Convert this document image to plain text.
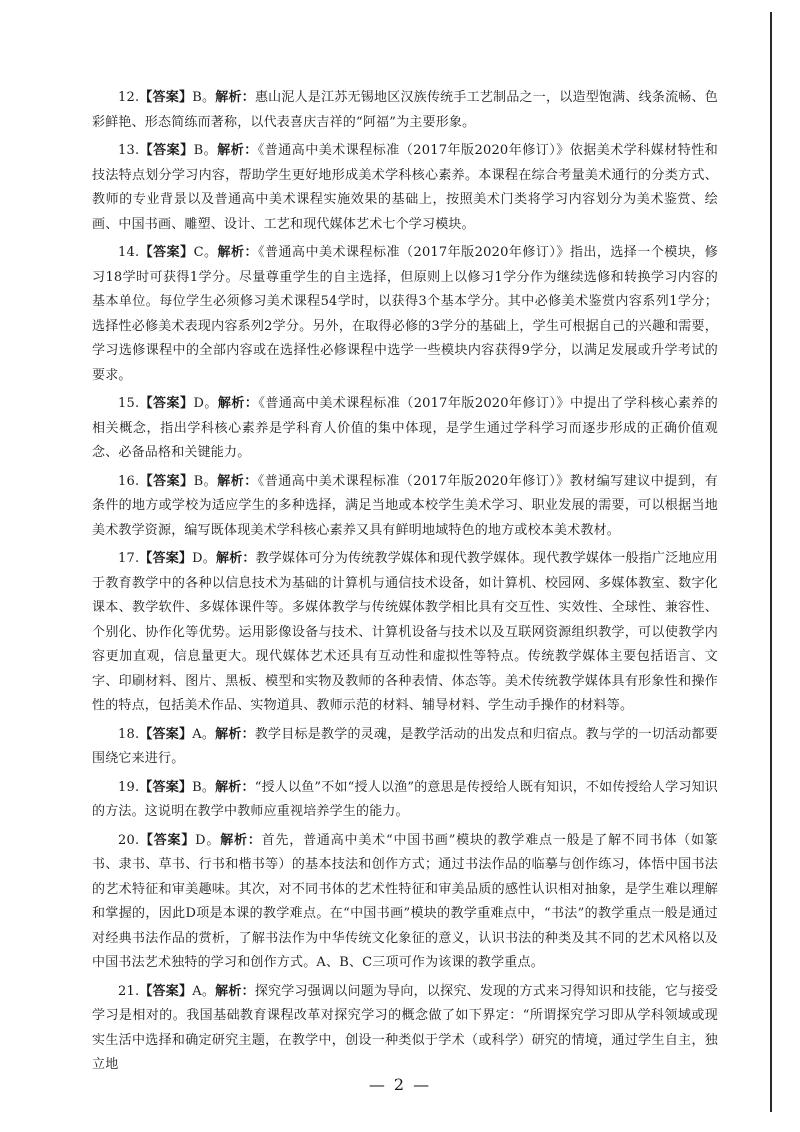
12.【答案】B。解析：惠山泥人是江苏无锡地区汉族传统手工艺制品之一，以造型饱满、线条流畅、色彩鲜艳、形态简练而著称，以代表喜庆吉祥的“阿福”为主要形象。

13.【答案】B。解析：《普通高中美术课程标准（2017年版2020年修订）》依据美术学科媒材特性和技法特点划分学习内容，帮助学生更好地形成美术学科核心素养。本课程在综合考量美术通行的分类方式、教师的专业背景以及普通高中美术课程实施效果的基础上，按照美术门类将学习内容划分为美术鉴赏、绘画、中国书画、雕塑、设计、工艺和现代媒体艺术七个学习模块。

14.【答案】C。解析：《普通高中美术课程标准（2017年版2020年修订）》指出，选择一个模块，修习18学时可获得1学分。尽量尊重学生的自主选择，但原则上以修习1学分作为继续选修和转换学习内容的基本单位。每位学生必须修习美术课程54学时，以获得3个基本学分。其中必修美术鉴赏内容系列1学分；选择性必修美术表现内容系列2学分。另外，在取得必修的3学分的基础上，学生可根据自己的兴趣和需要，学习选修课程中的全部内容或在选择性必修课程中选学一些模块内容获得9学分，以满足发展或升学考试的要求。

15.【答案】D。解析：《普通高中美术课程标准（2017年版2020年修订）》中提出了学科核心素养的相关概念，指出学科核心素养是学科育人价值的集中体现，是学生通过学科学习而逐步形成的正确价值观念、必备品格和关键能力。

16.【答案】B。解析：《普通高中美术课程标准（2017年版2020年修订）》教材编写建议中提到，有条件的地方或学校为适应学生的多种选择，满足当地或本校学生美术学习、职业发展的需要，可以根据当地美术教学资源，编写既体现美术学科核心素养又具有鲜明地域特色的地方或校本美术教材。

17.【答案】D。解析：教学媒体可分为传统教学媒体和现代教学媒体。现代教学媒体一般指广泛地应用于教育教学中的各种以信息技术为基础的计算机与通信技术设备，如计算机、校园网、多媒体教室、数字化课本、教学软件、多媒体课件等。多媒体教学与传统媒体教学相比具有交互性、实效性、全球性、兼容性、个别化、协作化等优势。运用影像设备与技术、计算机设备与技术以及互联网资源组织教学，可以使教学内容更加直观，信息量更大。现代媒体艺术还具有互动性和虚拟性等特点。传统教学媒体主要包括语言、文字、印刷材料、图片、黑板、模型和实物及教师的各种表情、体态等。美术传统教学媒体具有形象性和操作性的特点，包括美术作品、实物道具、教师示范的材料、辅导材料、学生动手操作的材料等。

18.【答案】A。解析：教学目标是教学的灵魂，是教学活动的出发点和归宿点。教与学的一切活动都要围绕它来进行。

19.【答案】B。解析：“授人以鱼”不如“授人以渔”的意思是传授给人既有知识，不如传授给人学习知识的方法。这说明在教学中教师应重视培养学生的能力。

20.【答案】D。解析：首先，普通高中美术“中国书画”模块的教学难点一般是了解不同书体（如篆书、隶书、草书、行书和楷书等）的基本技法和创作方式；通过书法作品的临摹与创作练习，体悟中国书法的艺术特征和审美趣味。其次，对不同书体的艺术性特征和审美品质的感性认识相对抽象，是学生难以理解和掌握的，因此D项是本课的教学难点。在“中国书画”模块的教学重难点中，“书法”的教学重点一般是通过对经典书法作品的赏析，了解书法作为中华传统文化象征的意义，认识书法的种类及其不同的艺术风格以及中国书法艺术独特的学习和创作方式。A、B、C三项可作为该课的教学重点。

21.【答案】A。解析：探究学习强调以问题为导向，以探究、发现的方式来习得知识和技能，它与接受学习是相对的。我国基础教育课程改革对探究学习的概念做了如下界定：“所谓探究学习即从学科领域或现实生活中选择和确定研究主题，在教学中，创设一种类似于学术（或科学）研究的情境，通过学生自主，独立地

— 2 —
